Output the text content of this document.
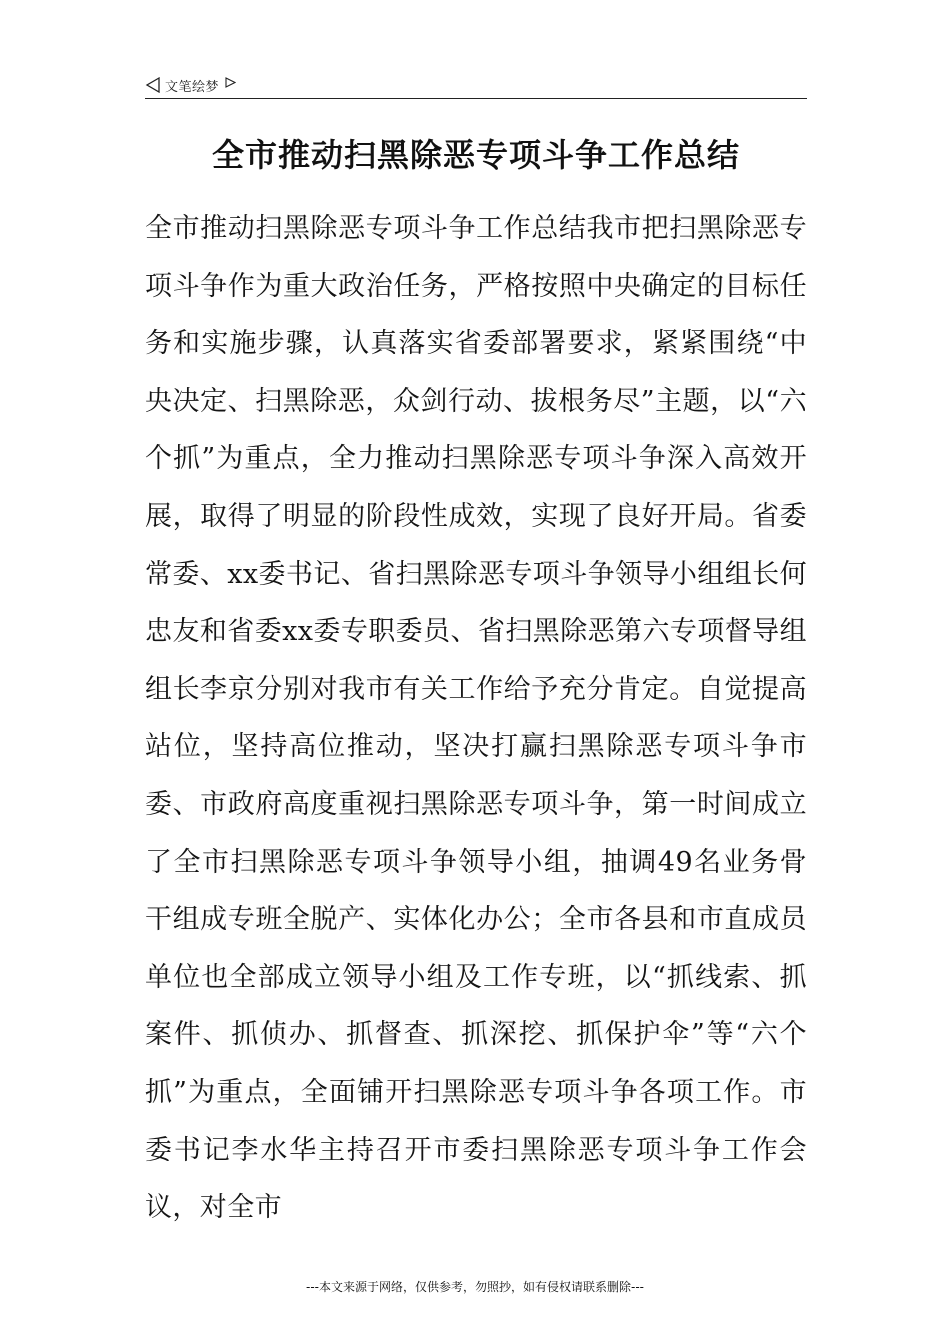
文笔绘梦
全市推动扫黑除恶专项斗争工作总结

全市推动扫黑除恶专项斗争工作总结我市把扫黑除恶专项斗争作为重大政治任务，严格按照中央确定的目标任务和实施步骤，认真落实省委部署要求，紧紧围绕“中央决定、扫黑除恶，众剑行动、拔根务尽”主题，以“六个抓”为重点，全力推动扫黑除恶专项斗争深入高效开展，取得了明显的阶段性成效，实现了良好开局。省委常委、xx委书记、省扫黑除恶专项斗争领导小组组长何忠友和省委xx委专职委员、省扫黑除恶第六专项督导组组长李京分别对我市有关工作给予充分肯定。自觉提高站位，坚持高位推动，坚决打赢扫黑除恶专项斗争市委、市政府高度重视扫黑除恶专项斗争，第一时间成立了全市扫黑除恶专项斗争领导小组，抽调49名业务骨干组成专班全脱产、实体化办公；全市各县和市直成员单位也全部成立领导小组及工作专班，以“抓线索、抓案件、抓侦办、抓督查、抓深挖、抓保护伞”等“六个抓”为重点，全面铺开扫黑除恶专项斗争各项工作。市委书记李水华主持召开市委扫黑除恶专项斗争工作会议，对全市

---本文来源于网络，仅供参考，勿照抄，如有侵权请联系删除---
